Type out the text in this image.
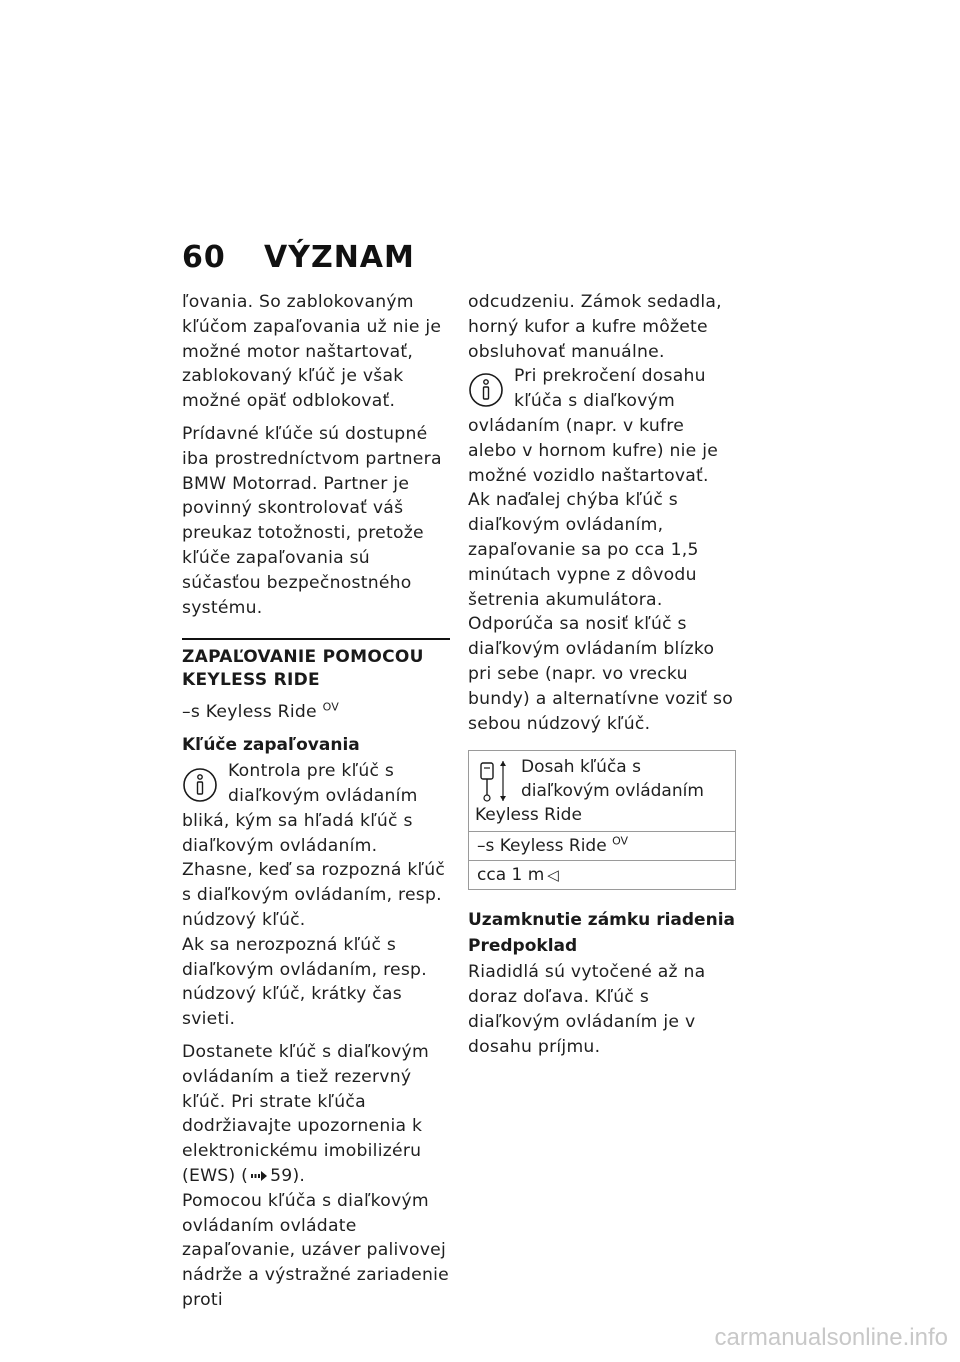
60 VÝZNAM

ľovania. So zablokovaným kľúčom zapaľovania už nie je možné motor naštartovať, zablokovaný kľúč je však možné opäť odblokovať.

Prídavné kľúče sú dostupné iba prostredníctvom partnera BMW Motorrad. Partner je povinný skontrolovať váš preukaz totožnosti, pretože kľúče zapaľovania sú súčasťou bezpečnostného systému.

ZAPAĽOVANIE POMOCOU KEYLESS RIDE

–s Keyless Ride $^{OV}$

Kľúče zapaľovania

Kontrola pre kľúč s diaľkovým ovládaním bliká, kým sa hľadá kľúč s diaľkovým ovládaním.

Zhasne, keď sa rozpozná kľúč s diaľkovým ovládaním, resp. núdzový kľúč.

Ak sa nerozpozná kľúč s diaľkovým ovládaním, resp. núdzový kľúč, krátky čas svieti.

Dostanete kľúč s diaľkovým ovládaním a tiež rezervný kľúč. Pri strate kľúča dodržiavajte upozornenia k elektronickému imobilizéru (EWS) ( 59).

Pomocou kľúča s diaľkovým ovládaním ovládate zapaľovanie, uzáver palivovej nádrže a výstražné zariadenie proti

odcudzeniu. Zámok sedadla, horný kufor a kufre môžete obsluhovať manuálne.

Pri prekročení dosahu kľúča s diaľkovým ovládaním (napr. v kufre alebo v hornom kufre) nie je možné vozidlo naštartovať.

Ak naďalej chýba kľúč s diaľkovým ovládaním, zapaľovanie sa po cca 1,5 minútach vypne z dôvodu šetrenia akumulátora.

Odporúča sa nosiť kľúč s diaľkovým ovládaním blízko pri sebe (napr. vo vrecku bundy) a alternatívne voziť so sebou núdzový kľúč.

Dosah kľúča s diaľkovým ovládaním Keyless Ride
–s Keyless Ride $^{OV}$
cca 1 m ◁
Uzamknutie zámku riadenia
Predpoklad

Riadidlá sú vytočené až na doraz doľava. Kľúč s diaľkovým ovládaním je v dosahu príjmu.

carmanualsonline.info
